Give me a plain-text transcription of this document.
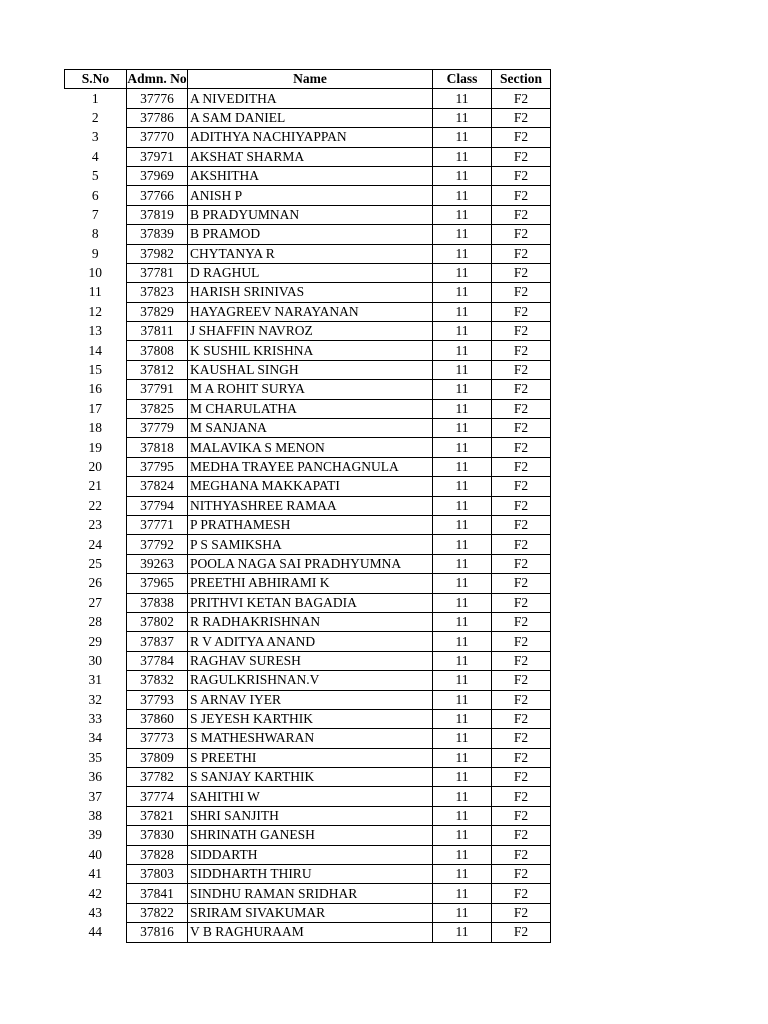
S.No	Admn. No	Name	Class	Section
1	37776	A NIVEDITHA	11	F2
2	37786	A SAM DANIEL	11	F2
3	37770	ADITHYA NACHIYAPPAN	11	F2
4	37971	AKSHAT SHARMA	11	F2
5	37969	AKSHITHA	11	F2
6	37766	ANISH P	11	F2
7	37819	B PRADYUMNAN	11	F2
8	37839	B PRAMOD	11	F2
9	37982	CHYTANYA R	11	F2
10	37781	D RAGHUL	11	F2
11	37823	HARISH SRINIVAS	11	F2
12	37829	HAYAGREEV NARAYANAN	11	F2
13	37811	J SHAFFIN NAVROZ	11	F2
14	37808	K SUSHIL KRISHNA	11	F2
15	37812	KAUSHAL SINGH	11	F2
16	37791	M A ROHIT SURYA	11	F2
17	37825	M CHARULATHA	11	F2
18	37779	M SANJANA	11	F2
19	37818	MALAVIKA S MENON	11	F2
20	37795	MEDHA TRAYEE PANCHAGNULA	11	F2
21	37824	MEGHANA MAKKAPATI	11	F2
22	37794	NITHYASHREE RAMAA	11	F2
23	37771	P PRATHAMESH	11	F2
24	37792	P S SAMIKSHA	11	F2
25	39263	POOLA NAGA SAI PRADHYUMNA	11	F2
26	37965	PREETHI ABHIRAMI K	11	F2
27	37838	PRITHVI KETAN BAGADIA	11	F2
28	37802	R RADHAKRISHNAN	11	F2
29	37837	R V ADITYA ANAND	11	F2
30	37784	RAGHAV SURESH	11	F2
31	37832	RAGULKRISHNAN.V	11	F2
32	37793	S ARNAV IYER	11	F2
33	37860	S JEYESH KARTHIK	11	F2
34	37773	S MATHESHWARAN	11	F2
35	37809	S PREETHI	11	F2
36	37782	S SANJAY KARTHIK	11	F2
37	37774	SAHITHI W	11	F2
38	37821	SHRI SANJITH	11	F2
39	37830	SHRINATH GANESH	11	F2
40	37828	SIDDARTH	11	F2
41	37803	SIDDHARTH THIRU	11	F2
42	37841	SINDHU RAMAN SRIDHAR	11	F2
43	37822	SRIRAM SIVAKUMAR	11	F2
44	37816	V B RAGHURAAM	11	F2
